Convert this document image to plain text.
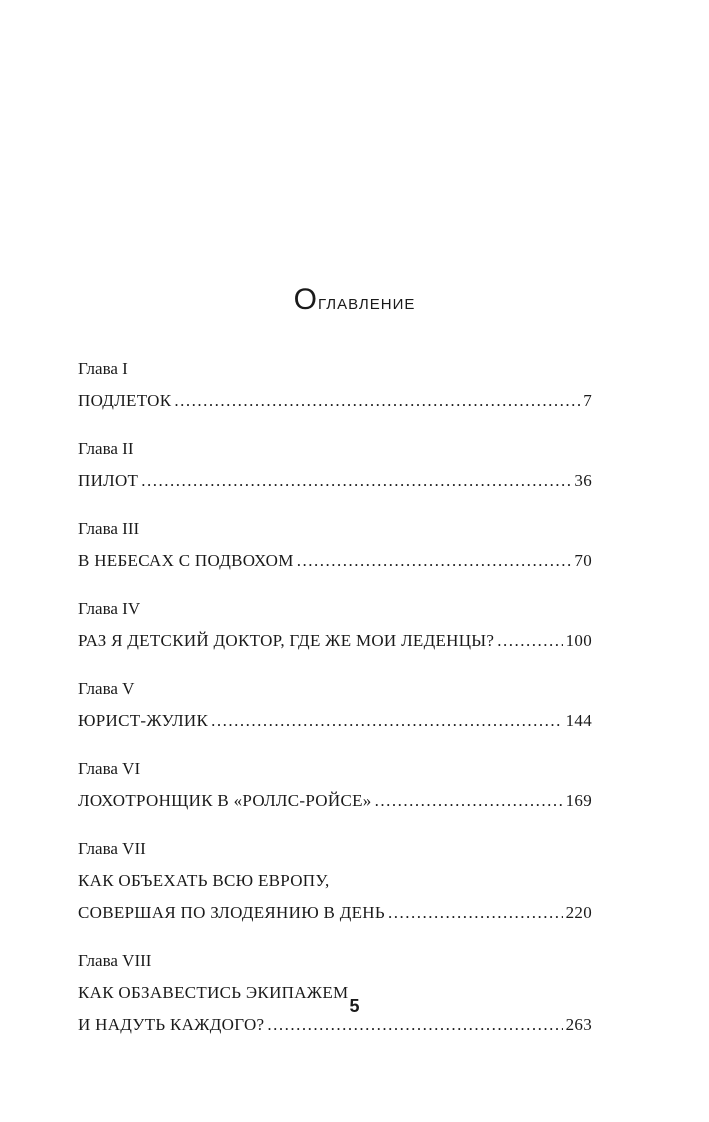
Оглавление
Глава I
ПОДЛЕТОК .....	7
Глава II
ПИЛОТ .....	36
Глава III
В НЕБЕСАХ С ПОДВОХОМ .....	70
Глава IV
РАЗ Я ДЕТСКИЙ ДОКТОР, ГДЕ ЖЕ МОИ ЛЕДЕНЦЫ? .....	100
Глава V
ЮРИСТ-ЖУЛИК .....	144
Глава VI
ЛОХОТРОНЩИК В «РОЛЛС-РОЙСЕ» .....	169
Глава VII
КАК ОБЪЕХАТЬ ВСЮ ЕВРОПУ,
СОВЕРШАЯ ПО ЗЛОДЕЯНИЮ В ДЕНЬ .....	220
Глава VIII
КАК ОБЗАВЕСТИСЬ ЭКИПАЖЕМ
И НАДУТЬ КАЖДОГО? .....	263
5
